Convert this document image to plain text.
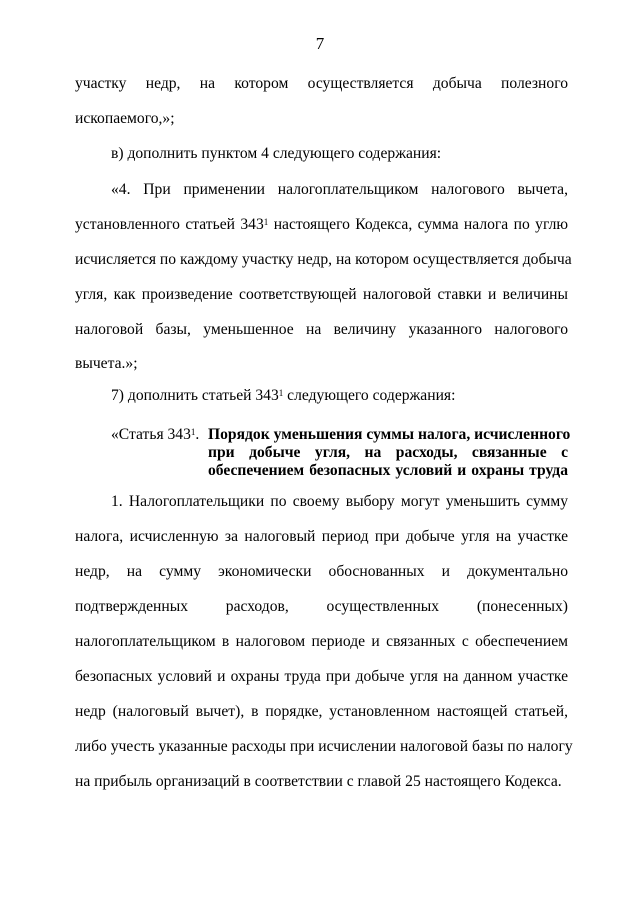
7
участку недр, на котором осуществляется добыча полезного
ископаемого,»;
в) дополнить пунктом 4 следующего содержания:
«4. При применении налогоплательщиком налогового вычета,
установленного статьей $343^1$ настоящего Кодекса, сумма налога по углю
исчисляется по каждому участку недр, на котором осуществляется добыча
угля, как произведение соответствующей налоговой ставки и величины
налоговой базы, уменьшенное на величину указанного налогового
вычета.»;
7) дополнить статьей $343^1$ следующего содержания:
«Статья $343^1$. Порядок уменьшения суммы налога, исчисленного
при добыче угля, на расходы, связанные с
обеспечением безопасных условий и охраны труда
1. Налогоплательщики по своему выбору могут уменьшить сумму
налога, исчисленную за налоговый период при добыче угля на участке
недр, на сумму экономически обоснованных и документально
подтвержденных расходов, осуществленных (понесенных)
налогоплательщиком в налоговом периоде и связанных с обеспечением
безопасных условий и охраны труда при добыче угля на данном участке
недр (налоговый вычет), в порядке, установленном настоящей статьей,
либо учесть указанные расходы при исчислении налоговой базы по налогу
на прибыль организаций в соответствии с главой 25 настоящего Кодекса.
